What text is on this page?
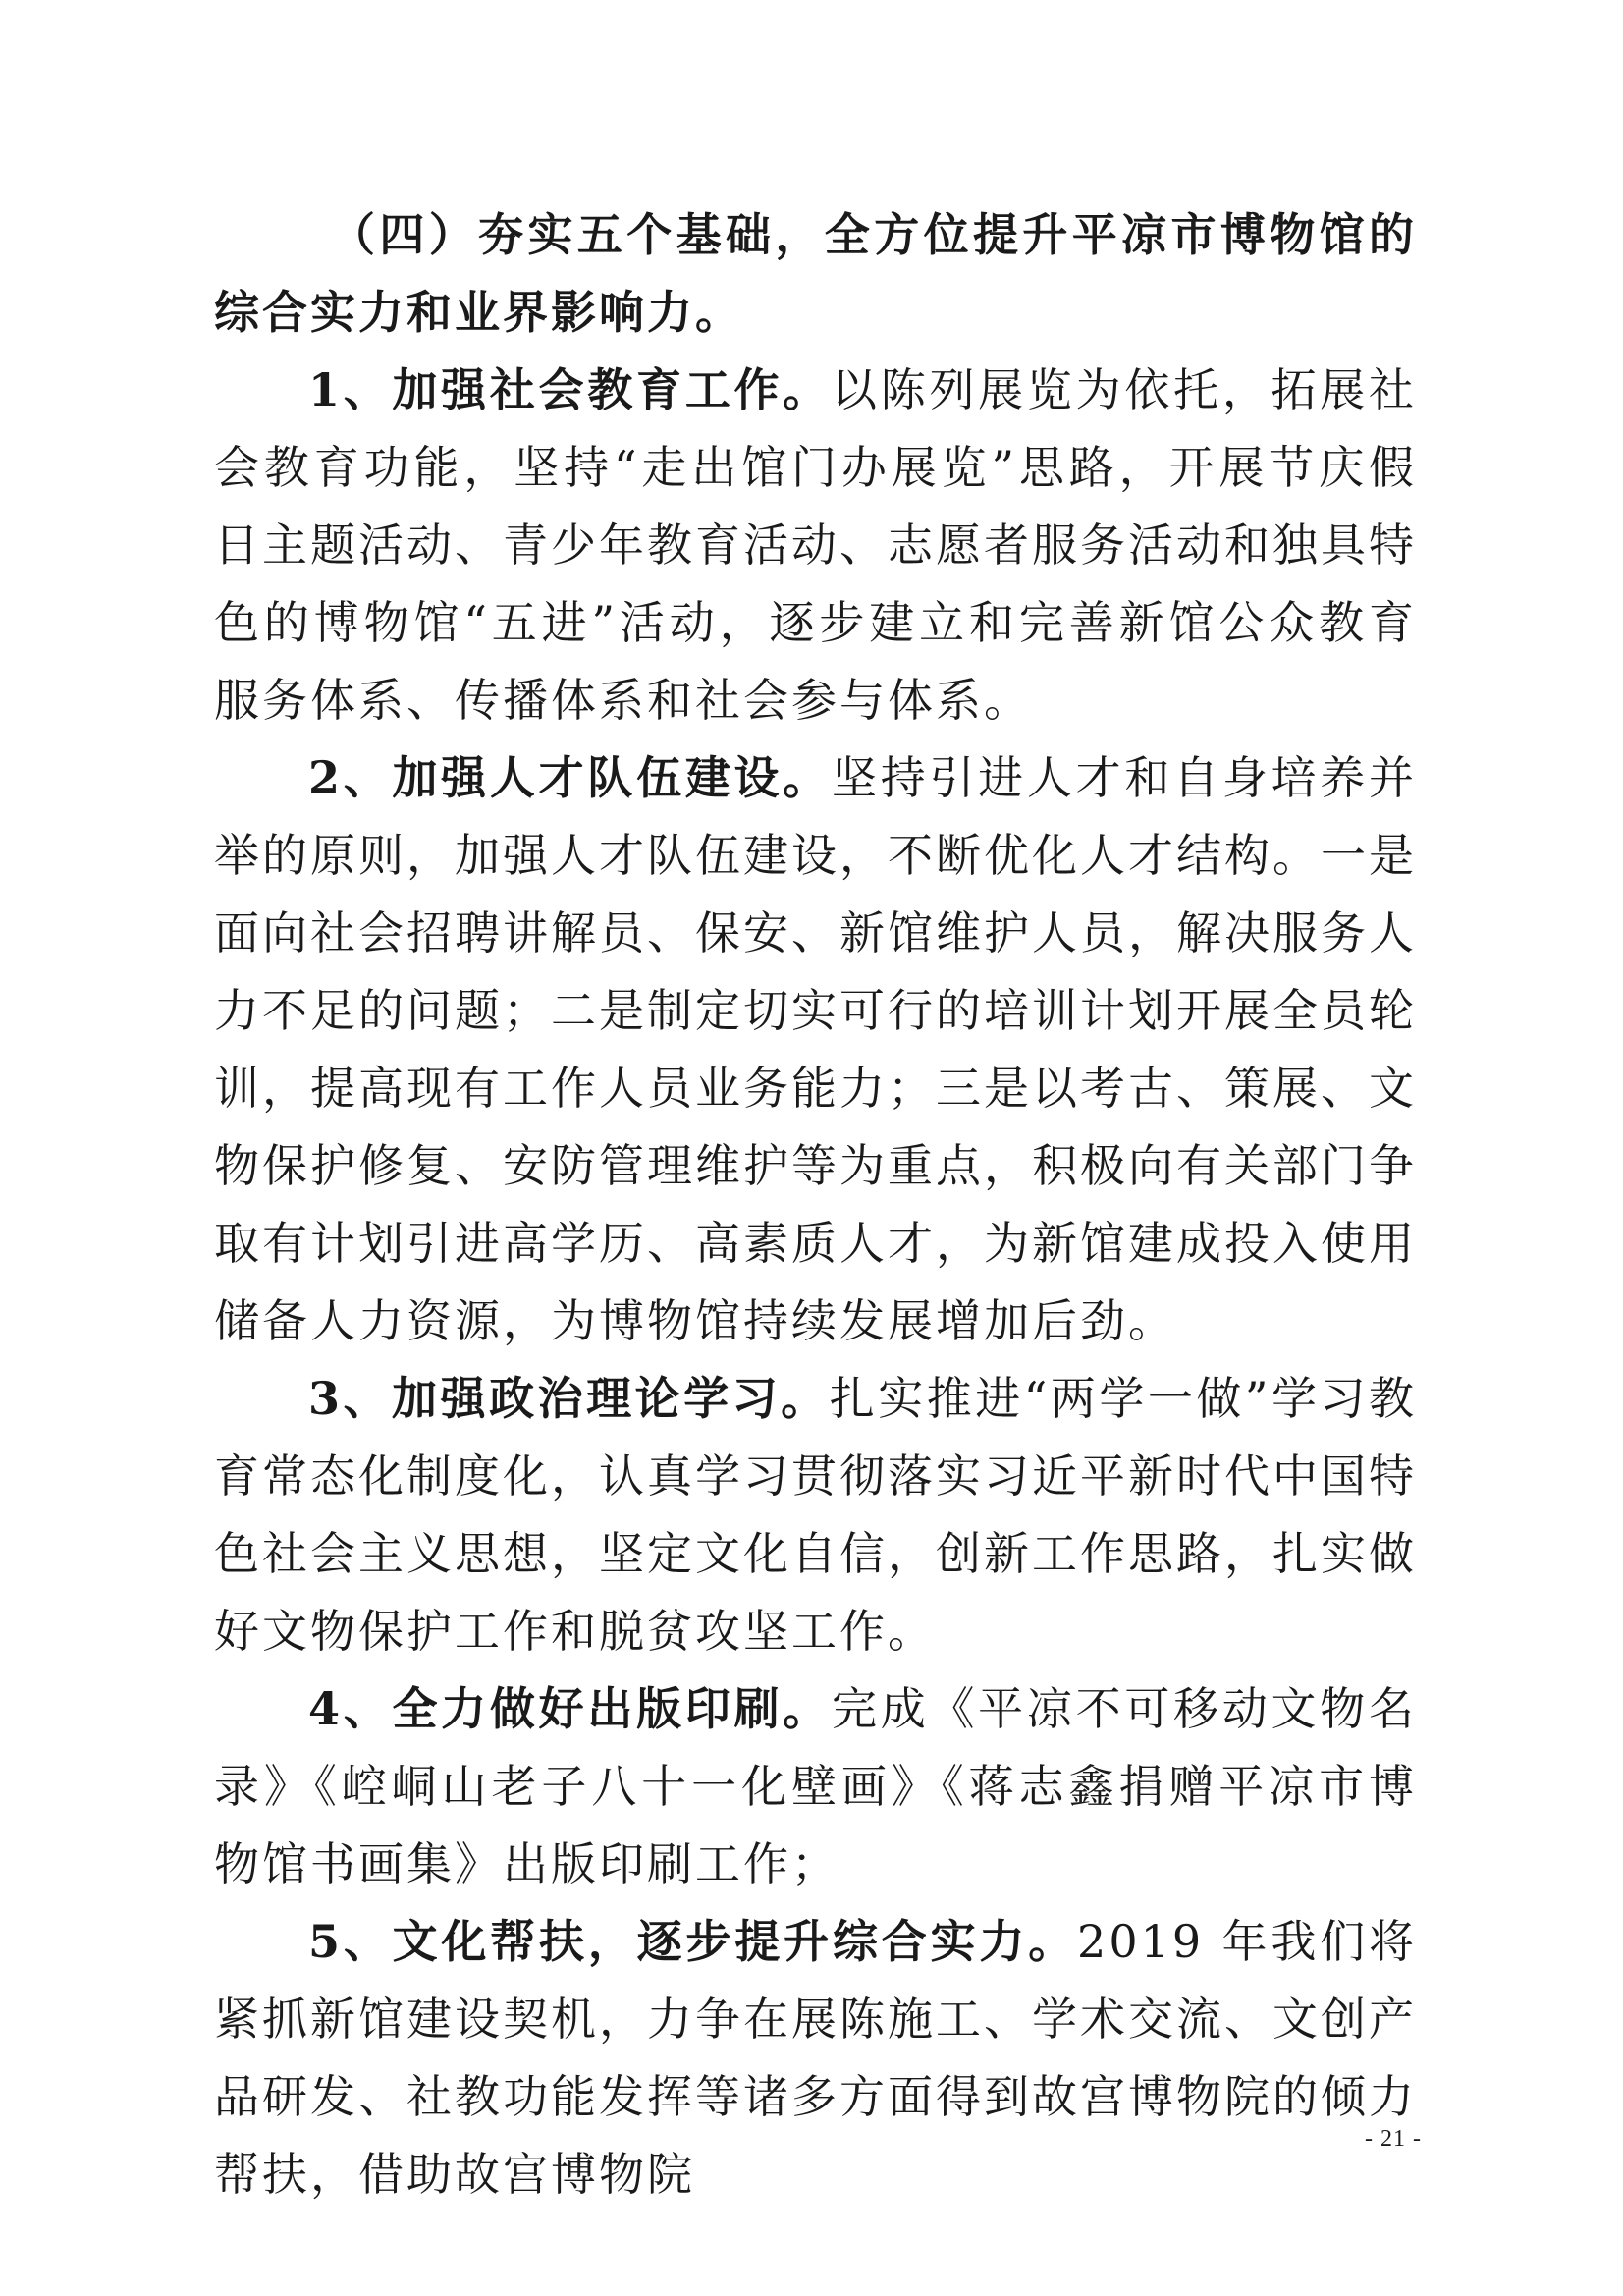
（四）夯实五个基础，全方位提升平凉市博物馆的综合实力和业界影响力。

1、加强社会教育工作。以陈列展览为依托，拓展社会教育功能，坚持“走出馆门办展览”思路，开展节庆假日主题活动、青少年教育活动、志愿者服务活动和独具特色的博物馆“五进”活动，逐步建立和完善新馆公众教育服务体系、传播体系和社会参与体系。

2、加强人才队伍建设。坚持引进人才和自身培养并举的原则，加强人才队伍建设，不断优化人才结构。一是面向社会招聘讲解员、保安、新馆维护人员，解决服务人力不足的问题；二是制定切实可行的培训计划开展全员轮训，提高现有工作人员业务能力；三是以考古、策展、文物保护修复、安防管理维护等为重点，积极向有关部门争取有计划引进高学历、高素质人才，为新馆建成投入使用储备人力资源，为博物馆持续发展增加后劲。

3、加强政治理论学习。扎实推进“两学一做”学习教育常态化制度化，认真学习贯彻落实习近平新时代中国特色社会主义思想，坚定文化自信，创新工作思路，扎实做好文物保护工作和脱贫攻坚工作。

4、全力做好出版印刷。完成《平凉不可移动文物名录》《崆峒山老子八十一化壁画》《蒋志鑫捐赠平凉市博物馆书画集》出版印刷工作；

5、文化帮扶，逐步提升综合实力。2019 年我们将紧抓新馆建设契机，力争在展陈施工、学术交流、文创产品研发、社教功能发挥等诸多方面得到故宫博物院的倾力帮扶，借助故宫博物院

- 21 -
